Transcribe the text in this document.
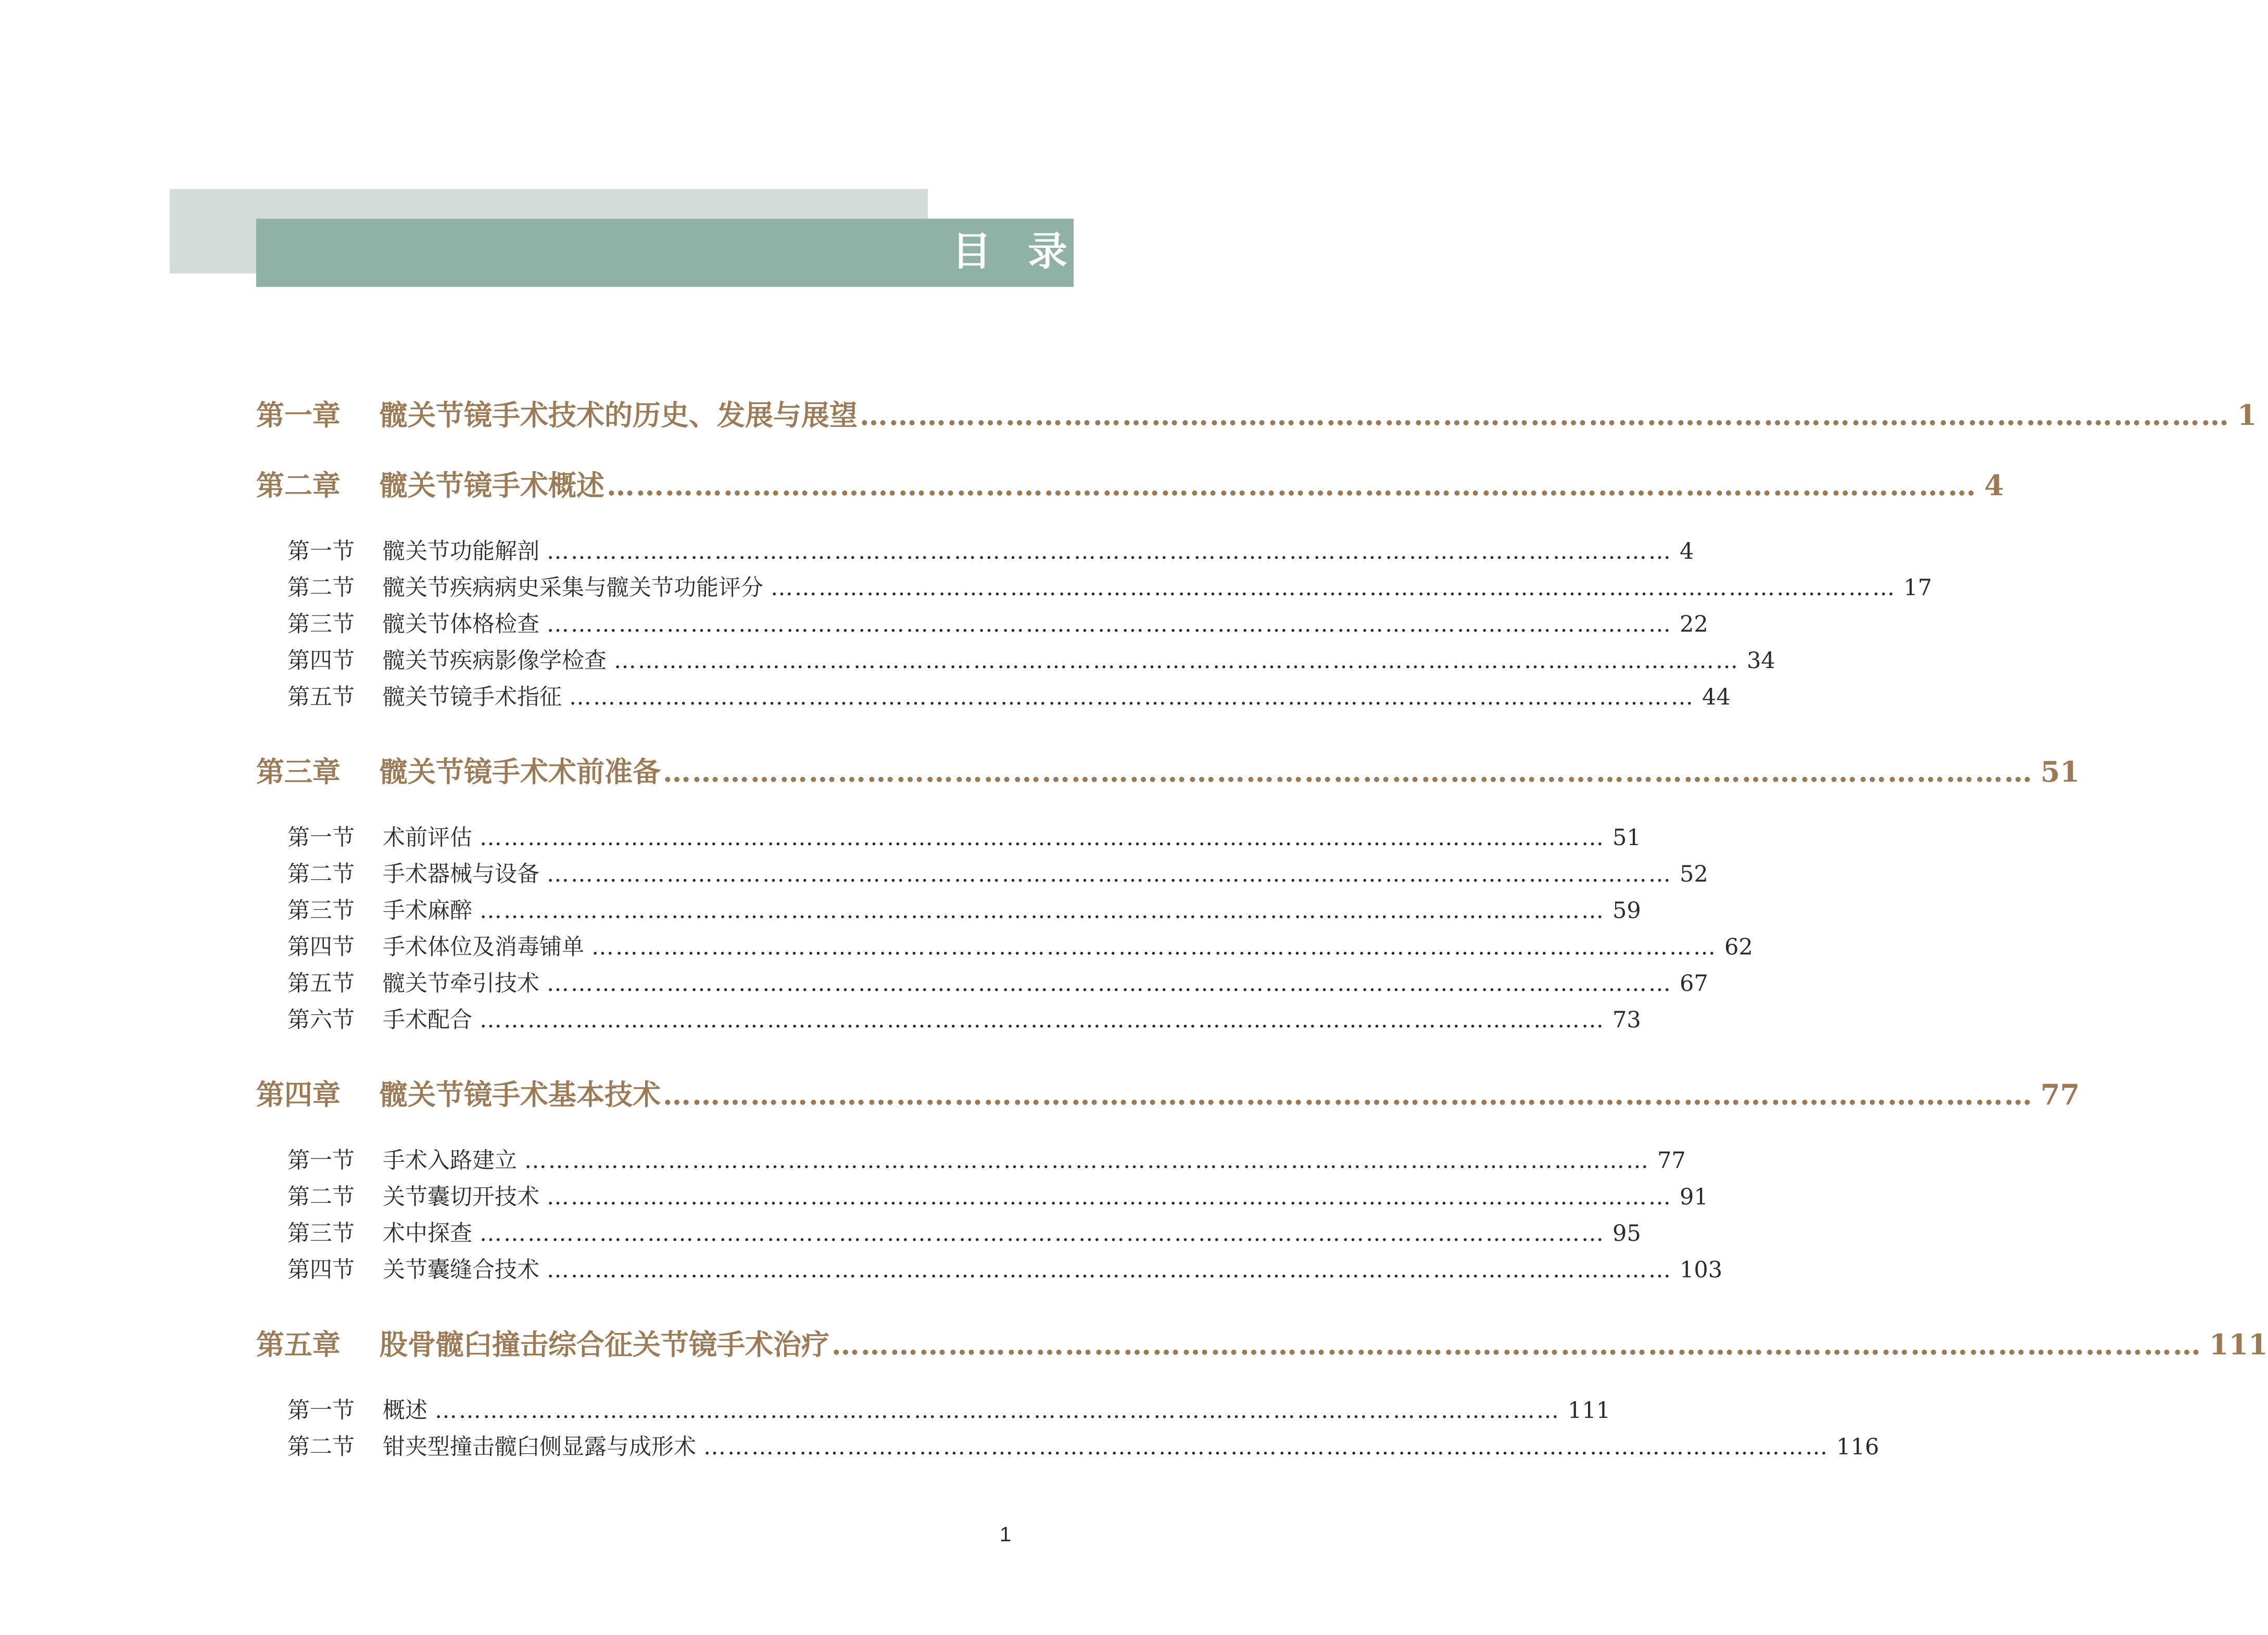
目录
第一章	髋关节镜手术技术的历史、发展与展望 …………………………………………………………………………………………………………………………… 1
第二章	髋关节镜手术概述 …………………………………………………………………………………………………………………………… 4
第一节	髋关节功能解剖 …………………………………………………………………………………………………………………………… 4
第二节	髋关节疾病病史采集与髋关节功能评分 …………………………………………………………………………………………………………………………… 17
第三节	髋关节体格检查 …………………………………………………………………………………………………………………………… 22
第四节	髋关节疾病影像学检查 …………………………………………………………………………………………………………………………… 34
第五节	髋关节镜手术指征 …………………………………………………………………………………………………………………………… 44
第三章	髋关节镜手术术前准备 …………………………………………………………………………………………………………………………… 51
第一节	术前评估 …………………………………………………………………………………………………………………………… 51
第二节	手术器械与设备 …………………………………………………………………………………………………………………………… 52
第三节	手术麻醉 …………………………………………………………………………………………………………………………… 59
第四节	手术体位及消毒铺单 …………………………………………………………………………………………………………………………… 62
第五节	髋关节牵引技术 …………………………………………………………………………………………………………………………… 67
第六节	手术配合 …………………………………………………………………………………………………………………………… 73
第四章	髋关节镜手术基本技术 …………………………………………………………………………………………………………………………… 77
第一节	手术入路建立 …………………………………………………………………………………………………………………………… 77
第二节	关节囊切开技术 …………………………………………………………………………………………………………………………… 91
第三节	术中探查 …………………………………………………………………………………………………………………………… 95
第四节	关节囊缝合技术 …………………………………………………………………………………………………………………………… 103
第五章	股骨髋臼撞击综合征关节镜手术治疗 …………………………………………………………………………………………………………………………… 111
第一节	概述 …………………………………………………………………………………………………………………………… 111
第二节	钳夹型撞击髋臼侧显露与成形术 …………………………………………………………………………………………………………………………… 116
1
